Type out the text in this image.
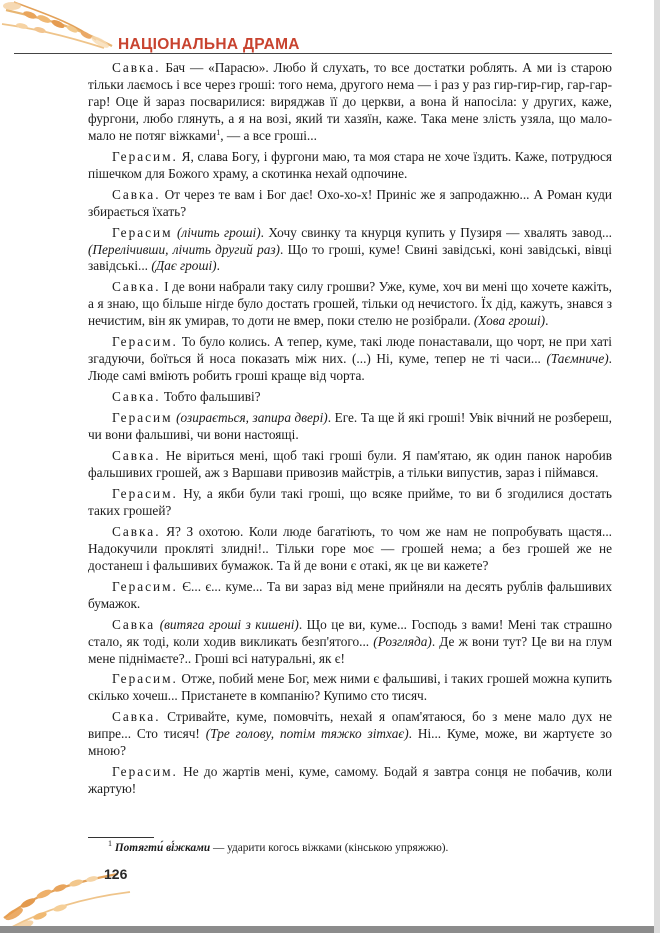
НАЦІОНАЛЬНА ДРАМА

Савка. Бач — «Парасю». Любо й слухать, то все достатки роблять. А ми із старою тільки лаємось і все через гроші: того нема, другого нема — і раз у раз гир-гир-гир, гар-гар-гар! Оце й зараз посварилися: виряджав її до церкви, а вона й напосіла: у других, каже, фургони, любо глянуть, а я на возі, який ти хазяїн, каже. Така мене злість узяла, що мало-мало не потяг віжками$^1$, — а все гроші...

Герасим. Я, слава Богу, і фургони маю, та моя стара не хоче їздить. Каже, потрудюся пішечком для Божого храму, а скотинка нехай одпочине.

Савка. От через те вам і Бог дає! Охо-хо-х! Приніс же я запродажню... А Роман куди збирається їхать?

Герасим (лічить гроші). Хочу свинку та кнурця купить у Пузиря — хвалять завод... (Перелічивши, лічить другий раз). Що то гроші, куме! Свині завідські, коні завідські, вівці завідські... (Дає гроші).

Савка. І де вони набрали таку силу грошви? Уже, куме, хоч ви мені що хочете кажіть, а я знаю, що більше нігде було достать грошей, тільки од нечистого. Їх дід, кажуть, знався з нечистим, він як умирав, то доти не вмер, поки стелю не розібрали. (Хова гроші).

Герасим. То було колись. А тепер, куме, такі люде понаставали, що чорт, не при хаті згадуючи, боїться й носа показать між них. (...) Ні, куме, тепер не ті часи... (Таємниче). Люде самі вміють робить гроші краще від чорта.

Савка. Тобто фальшиві?

Герасим (озирається, запира двері). Еге. Та ще й які гроші! Увік вічний не розбереш, чи вони фальшиві, чи вони настоящі.

Савка. Не віриться мені, щоб такі гроші були. Я пам'ятаю, як один панок наробив фальшивих грошей, аж з Варшави привозив майстрів, а тільки випустив, зараз і піймався.

Герасим. Ну, а якби були такі гроші, що всяке прийме, то ви б згодилися достать таких грошей?

Савка. Я? З охотою. Коли люде багатіють, то чом же нам не попробувать щастя... Надокучили прокляті злидні!.. Тільки горе моє — грошей нема; а без грошей же не достанеш і фальшивих бумажок. Та й де вони є отакі, як це ви кажете?

Герасим. Є... є... куме... Та ви зараз від мене прийняли на десять рублів фальшивих бумажок.

Савка (витяга гроші з кишені). Що це ви, куме... Господь з вами! Мені так страшно стало, як тоді, коли ходив викликать безп'ятого... (Розгляда). Де ж вони тут? Це ви на глум мене піднімаєте?.. Гроші всі натуральні, як є!

Герасим. Отже, побий мене Бог, меж ними є фальшиві, і таких грошей можна купить скілько хочеш... Пристанете в компанію? Купимо сто тисяч.

Савка. Стривайте, куме, помовчіть, нехай я опам'ятаюся, бо з мене мало дух не випре... Сто тисяч! (Тре голову, потім тяжко зітхає). Ні... Куме, може, ви жартуєте зо мною?

Герасим. Не до жартів мені, куме, самому. Бодай я завтра сонця не побачив, коли жартую!

$^1$ Потягти́ ві́жками — ударити когось віжками (кінською упряжжю).

126
